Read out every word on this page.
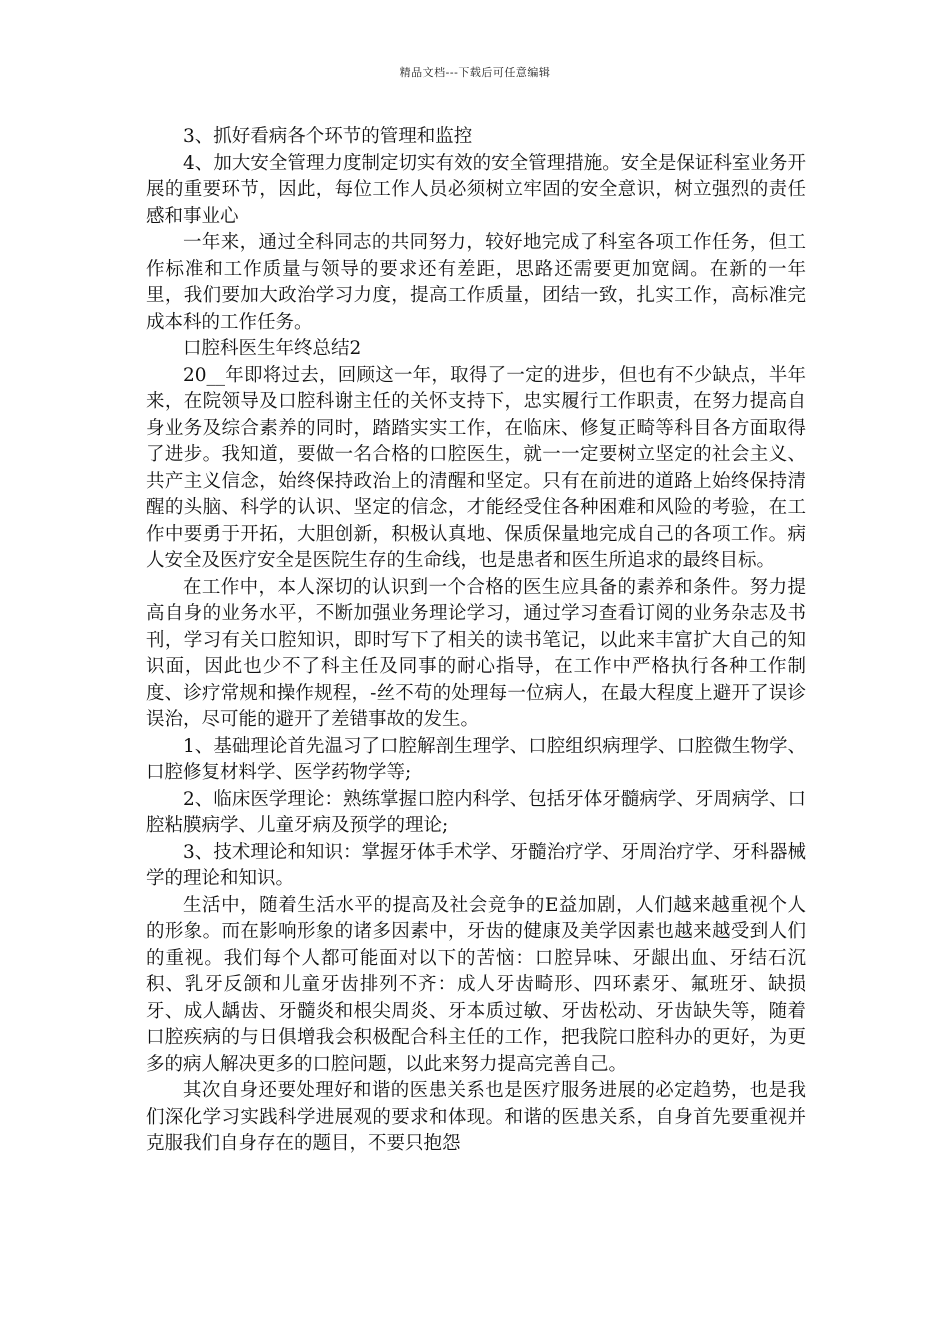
精品文档---下载后可任意编辑

3、抓好看病各个环节的管理和监控

4、加大安全管理力度制定切实有效的安全管理措施。安全是保证科室业务开展的重要环节，因此，每位工作人员必须树立牢固的安全意识，树立强烈的责任感和事业心

一年来，通过全科同志的共同努力，较好地完成了科室各项工作任务，但工作标准和工作质量与领导的要求还有差距，思路还需要更加宽阔。在新的一年里，我们要加大政治学习力度，提高工作质量，团结一致，扎实工作，高标准完成本科的工作任务。

口腔科医生年终总结2

20__年即将过去，回顾这一年，取得了一定的进步，但也有不少缺点，半年来，在院领导及口腔科谢主任的关怀支持下，忠实履行工作职责，在努力提高自身业务及综合素养的同时，踏踏实实工作，在临床、修复正畸等科目各方面取得了进步。我知道，要做一名合格的口腔医生，就一一定要树立坚定的社会主义、共产主义信念，始终保持政治上的清醒和坚定。只有在前进的道路上始终保持清醒的头脑、科学的认识、坚定的信念，才能经受住各种困难和风险的考验，在工作中要勇于开拓，大胆创新，积极认真地、保质保量地完成自己的各项工作。病人安全及医疗安全是医院生存的生命线，也是患者和医生所追求的最终目标。

在工作中，本人深切的认识到一个合格的医生应具备的素养和条件。努力提高自身的业务水平，不断加强业务理论学习，通过学习查看订阅的业务杂志及书刊，学习有关口腔知识，即时写下了相关的读书笔记，以此来丰富扩大自己的知识面，因此也少不了科主任及同事的耐心指导，在工作中严格执行各种工作制度、诊疗常规和操作规程，-丝不苟的处理每一位病人，在最大程度上避开了误诊误治，尽可能的避开了差错事故的发生。

1、基础理论首先温习了口腔解剖生理学、口腔组织病理学、口腔微生物学、口腔修复材料学、医学药物学等;

2、临床医学理论：熟练掌握口腔内科学、包括牙体牙髓病学、牙周病学、口腔粘膜病学、儿童牙病及预学的理论;

3、技术理论和知识：掌握牙体手术学、牙髓治疗学、牙周治疗学、牙科器械学的理论和知识。

生活中，随着生活水平的提高及社会竞争的E益加剧，人们越来越重视个人的形象。而在影响形象的诸多因素中，牙齿的健康及美学因素也越来越受到人们的重视。我们每个人都可能面对以下的苦恼：口腔异味、牙龈出血、牙结石沉积、乳牙反颌和儿童牙齿排列不齐：成人牙齿畸形、四环素牙、氟班牙、缺损牙、成人龋齿、牙髓炎和根尖周炎、牙本质过敏、牙齿松动、牙齿缺失等，随着口腔疾病的与日俱增我会积极配合科主任的工作，把我院口腔科办的更好，为更多的病人解决更多的口腔问题，以此来努力提高完善自己。

其次自身还要处理好和谐的医患关系也是医疗服务进展的必定趋势，也是我们深化学习实践科学进展观的要求和体现。和谐的医患关系，自身首先要重视并克服我们自身存在的题目，不要只抱怨
